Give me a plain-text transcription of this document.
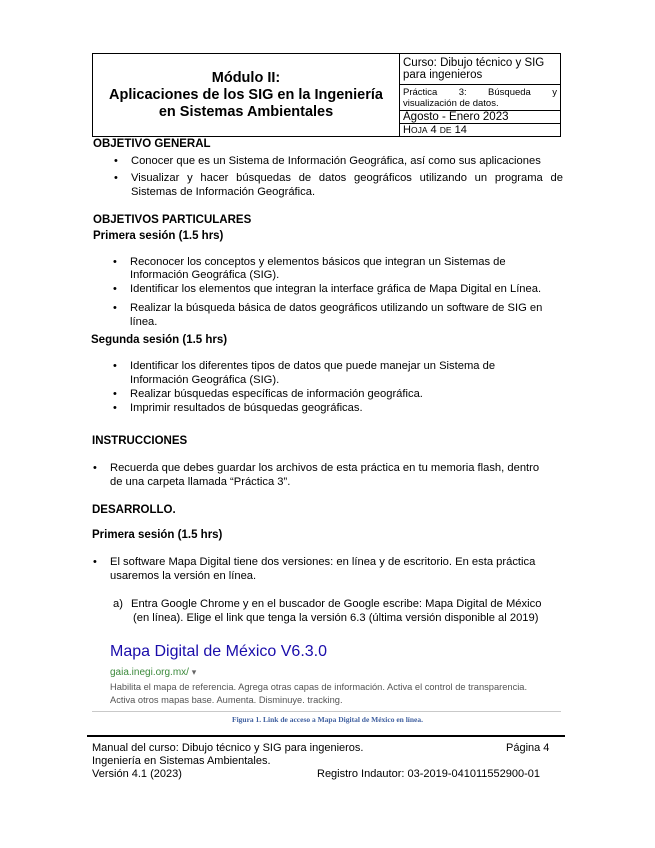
Módulo II:
Aplicaciones de los SIG en la Ingeniería
en Sistemas Ambientales
Curso: Dibujo técnico y SIG
para ingenieros
Práctica 3: Búsqueda y
visualización de datos.
Agosto - Enero 2023
HOJA 4 DE 14
OBJETIVO GENERAL
• Conocer que es un Sistema de Información Geográfica, así como sus aplicaciones
• Visualizar y hacer búsquedas de datos geográficos utilizando un programa de
Sistemas de Información Geográfica.
OBJETIVOS PARTICULARES
Primera sesión (1.5 hrs)
• Reconocer los conceptos y elementos básicos que integran un Sistemas de
Información Geográfica (SIG).
• Identificar los elementos que integran la interface gráfica de Mapa Digital en Línea.
• Realizar la búsqueda básica de datos geográficos utilizando un software de SIG en
línea.
Segunda sesión (1.5 hrs)
• Identificar los diferentes tipos de datos que puede manejar un Sistema de
Información Geográfica (SIG).
• Realizar búsquedas específicas de información geográfica.
• Imprimir resultados de búsquedas geográficas.
INSTRUCCIONES
• Recuerda que debes guardar los archivos de esta práctica en tu memoria flash, dentro
de una carpeta llamada “Práctica 3”.
DESARROLLO.
Primera sesión (1.5 hrs)
• El software Mapa Digital tiene dos versiones: en línea y de escritorio. En esta práctica
usaremos la versión en línea.
a) Entra Google Chrome y en el buscador de Google escribe: Mapa Digital de México
(en línea). Elige el link que tenga la versión 6.3 (última versión disponible al 2019)
Mapa Digital de México V6.3.0
gaia.inegi.org.mx/ ▾
Habilita el mapa de referencia. Agrega otras capas de información. Activa el control de transparencia.
Activa otros mapas base. Aumenta. Disminuye. tracking.
Figura 1. Link de acceso a Mapa Digital de México en línea.
Manual del curso: Dibujo técnico y SIG para ingenieros.	Página 4
Ingeniería en Sistemas Ambientales.
Versión 4.1 (2023)	Registro Indautor: 03-2019-041011552900-01
